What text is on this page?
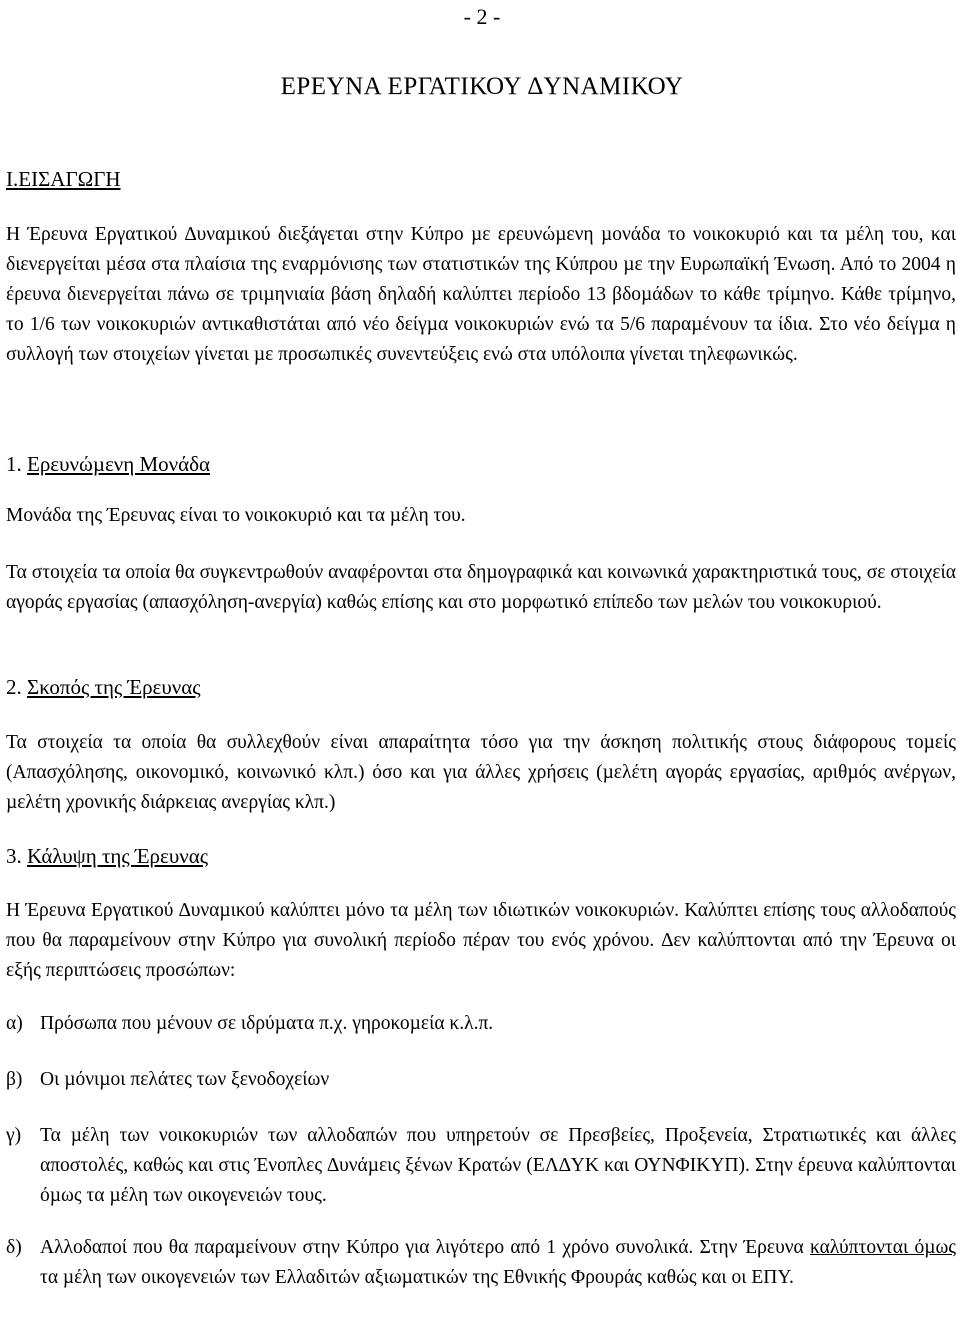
- 2 -
ΕΡΕΥΝΑ ΕΡΓΑΤΙΚΟΥ ∆ΥΝΑΜΙΚΟΥ
I.ΕΙΣΑΓΩΓΗ
Η Έρευνα Εργατικού ∆υναµικού διεξάγεται στην Κύπρο µε ερευνώµενη µονάδα το νοικοκυριό και τα µέλη του, και διενεργείται µέσα στα πλαίσια της εναρµόνισης των στατιστικών της Κύπρου µε την Ευρωπαϊκή Ένωση. Από το 2004 η έρευνα διενεργείται πάνω σε τριµηνιαία βάση δηλαδή καλύπτει περίοδο 13 βδοµάδων το κάθε τρίµηνο. Κάθε τρίµηνο, το 1/6 των νοικοκυριών αντικαθιστάται από νέο δείγµα νοικοκυριών ενώ τα 5/6 παραµένουν τα ίδια. Στο νέο δείγµα η συλλογή των στοιχείων γίνεται µε προσωπικές συνεντεύξεις ενώ στα υπόλοιπα γίνεται τηλεφωνικώς.
1. Ερευνώµενη Μονάδα
Μονάδα της Έρευνας είναι το νοικοκυριό και τα µέλη του.
Τα στοιχεία τα οποία θα συγκεντρωθούν αναφέρονται στα δηµογραφικά και κοινωνικά χαρακτηριστικά τους, σε στοιχεία αγοράς εργασίας (απασχόληση-ανεργία) καθώς επίσης και στο µορφωτικό επίπεδο των µελών του νοικοκυριού.
2. Σκοπός της Έρευνας
Τα στοιχεία τα οποία θα συλλεχθούν είναι απαραίτητα τόσο για την άσκηση πολιτικής στους διάφορους τοµείς (Απασχόλησης, οικονοµικό, κοινωνικό κλπ.) όσο και για άλλες χρήσεις (µελέτη αγοράς εργασίας, αριθµός ανέργων, µελέτη χρονικής διάρκειας ανεργίας κλπ.)
3. Κάλυψη της Έρευνας
Η Έρευνα Εργατικού ∆υναµικού καλύπτει µόνο τα µέλη των ιδιωτικών νοικοκυριών. Καλύπτει επίσης τους αλλοδαπούς που θα παραµείνουν στην Κύπρο για συνολική περίοδο πέραν του ενός χρόνου. ∆εν καλύπτονται από την Έρευνα οι εξής περιπτώσεις προσώπων:
α) Πρόσωπα που µένουν σε ιδρύµατα π.χ. γηροκοµεία κ.λ.π.
β) Οι µόνιµοι πελάτες των ξενοδοχείων
γ) Τα µέλη των νοικοκυριών των αλλοδαπών που υπηρετούν σε Πρεσβείες, Προξενεία, Στρατιωτικές και άλλες αποστολές, καθώς και στις Ένοπλες ∆υνάµεις ξένων Κρατών (ΕΛ∆ΥΚ και ΟΥΝΦΙΚΥΠ). Στην έρευνα καλύπτονται όµως τα µέλη των οικογενειών τους.
δ) Αλλοδαποί που θα παραµείνουν στην Κύπρο για λιγότερο από 1 χρόνο συνολικά. Στην Έρευνα καλύπτονται όµως τα µέλη των οικογενειών των Ελλαδιτών αξιωµατικών της Εθνικής Φρουράς καθώς και οι ΕΠΥ.
